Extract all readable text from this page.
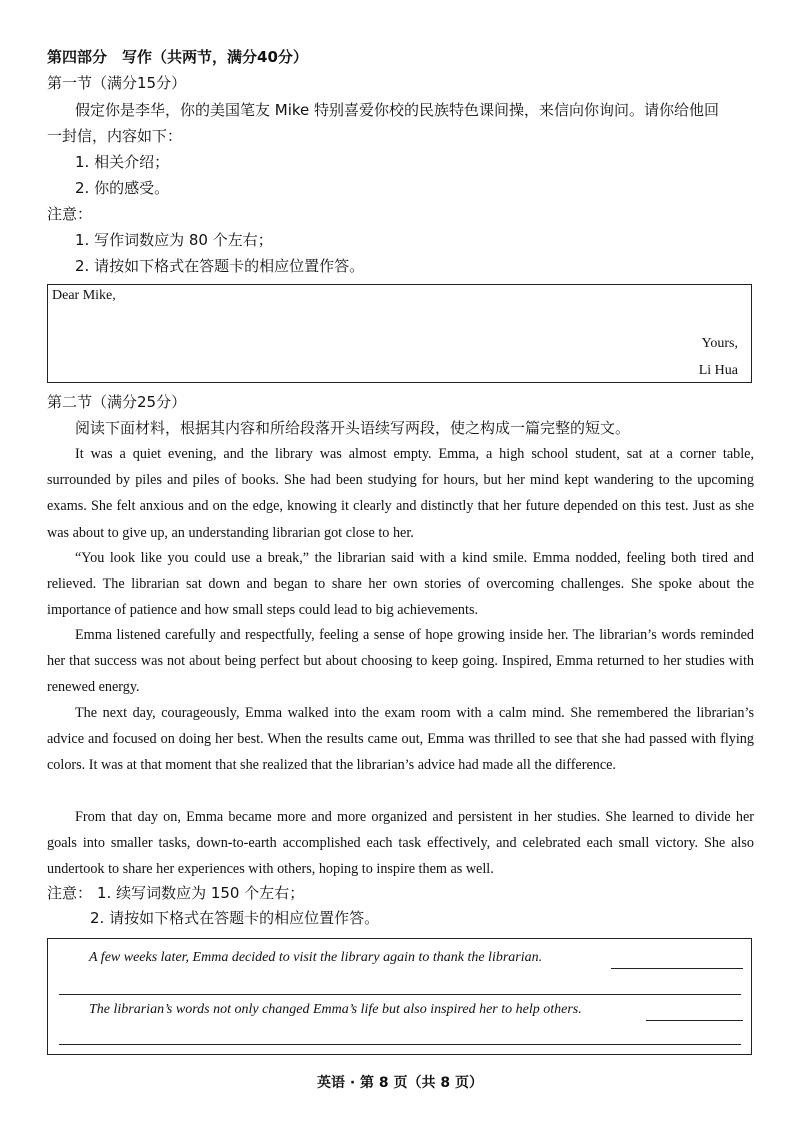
第四部分　写作（共两节，满分40分）
第一节（满分15分）
假定你是李华，你的美国笔友 Mike 特别喜爱你校的民族特色课间操，来信向你询问。请你给他回
一封信，内容如下：
1. 相关介绍；
2. 你的感受。
注意：
1. 写作词数应为 80 个左右；
2. 请按如下格式在答题卡的相应位置作答。
Dear Mike,
Yours,
Li Hua
第二节（满分25分）
阅读下面材料，根据其内容和所给段落开头语续写两段，使之构成一篇完整的短文。
It was a quiet evening, and the library was almost empty. Emma, a high school student, sat at a corner table, surrounded by piles and piles of books. She had been studying for hours, but her mind kept wandering to the upcoming exams. She felt anxious and on the edge, knowing it clearly and distinctly that her future depended on this test. Just as she was about to give up, an understanding librarian got close to her.
“You look like you could use a break,” the librarian said with a kind smile. Emma nodded, feeling both tired and relieved. The librarian sat down and began to share her own stories of overcoming challenges. She spoke about the importance of patience and how small steps could lead to big achievements.
Emma listened carefully and respectfully, feeling a sense of hope growing inside her. The librarian’s words reminded her that success was not about being perfect but about choosing to keep going. Inspired, Emma returned to her studies with renewed energy.
The next day, courageously, Emma walked into the exam room with a calm mind. She remembered the librarian’s advice and focused on doing her best. When the results came out, Emma was thrilled to see that she had passed with flying colors. It was at that moment that she realized that the librarian’s advice had made all the difference.
From that day on, Emma became more and more organized and persistent in her studies. She learned to divide her goals into smaller tasks, down-to-earth accomplished each task effectively, and celebrated each small victory. She also undertook to share her experiences with others, hoping to inspire them as well.
注意： 1. 续写词数应为 150 个左右；
2. 请按如下格式在答题卡的相应位置作答。
A few weeks later, Emma decided to visit the library again to thank the librarian.
The librarian’s words not only changed Emma’s life but also inspired her to help others.
英语 · 第 8 页（共 8 页）
